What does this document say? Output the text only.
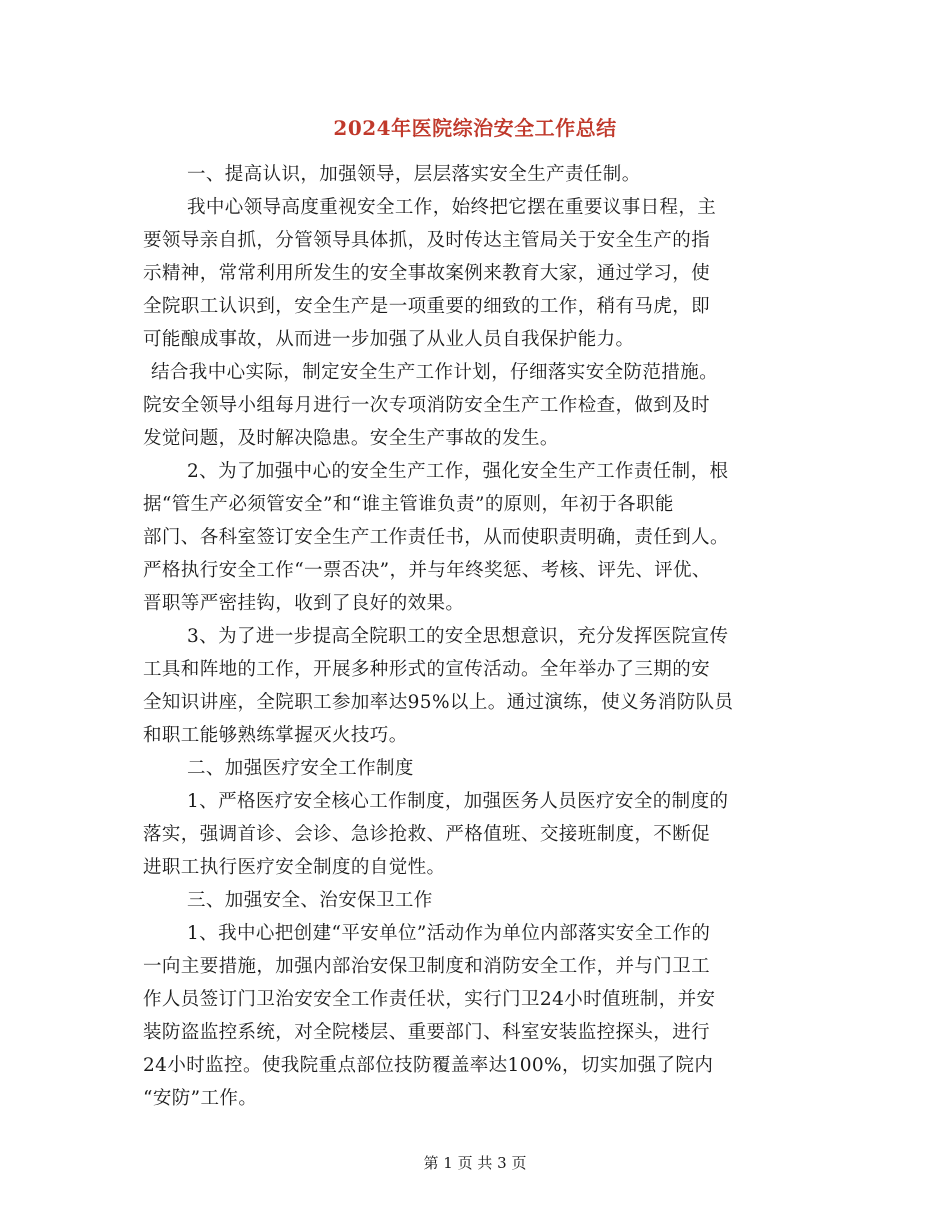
2024年医院综治安全工作总结
一、提高认识，加强领导，层层落实安全生产责任制。
我中心领导高度重视安全工作，始终把它摆在重要议事日程，主
要领导亲自抓，分管领导具体抓，及时传达主管局关于安全生产的指
示精神，常常利用所发生的安全事故案例来教育大家，通过学习，使
全院职工认识到，安全生产是一项重要的细致的工作，稍有马虎，即
可能酿成事故，从而进一步加强了从业人员自我保护能力。
结合我中心实际，制定安全生产工作计划，仔细落实安全防范措施。
院安全领导小组每月进行一次专项消防安全生产工作检查，做到及时
发觉问题，及时解决隐患。安全生产事故的发生。
2、为了加强中心的安全生产工作，强化安全生产工作责任制，根
据“管生产必须管安全”和“谁主管谁负责”的原则，年初于各职能
部门、各科室签订安全生产工作责任书，从而使职责明确，责任到人。
严格执行安全工作“一票否决”，并与年终奖惩、考核、评先、评优、
晋职等严密挂钩，收到了良好的效果。
3、为了进一步提高全院职工的安全思想意识，充分发挥医院宣传
工具和阵地的工作，开展多种形式的宣传活动。全年举办了三期的安
全知识讲座，全院职工参加率达95%以上。通过演练，使义务消防队员
和职工能够熟练掌握灭火技巧。
二、加强医疗安全工作制度
1、严格医疗安全核心工作制度，加强医务人员医疗安全的制度的
落实，强调首诊、会诊、急诊抢救、严格值班、交接班制度，不断促
进职工执行医疗安全制度的自觉性。
三、加强安全、治安保卫工作
1、我中心把创建“平安单位”活动作为单位内部落实安全工作的
一向主要措施，加强内部治安保卫制度和消防安全工作，并与门卫工
作人员签订门卫治安安全工作责任状，实行门卫24小时值班制，并安
装防盗监控系统，对全院楼层、重要部门、科室安装监控探头，进行
24小时监控。使我院重点部位技防覆盖率达100%，切实加强了院内
“安防”工作。
第 1 页 共 3 页
